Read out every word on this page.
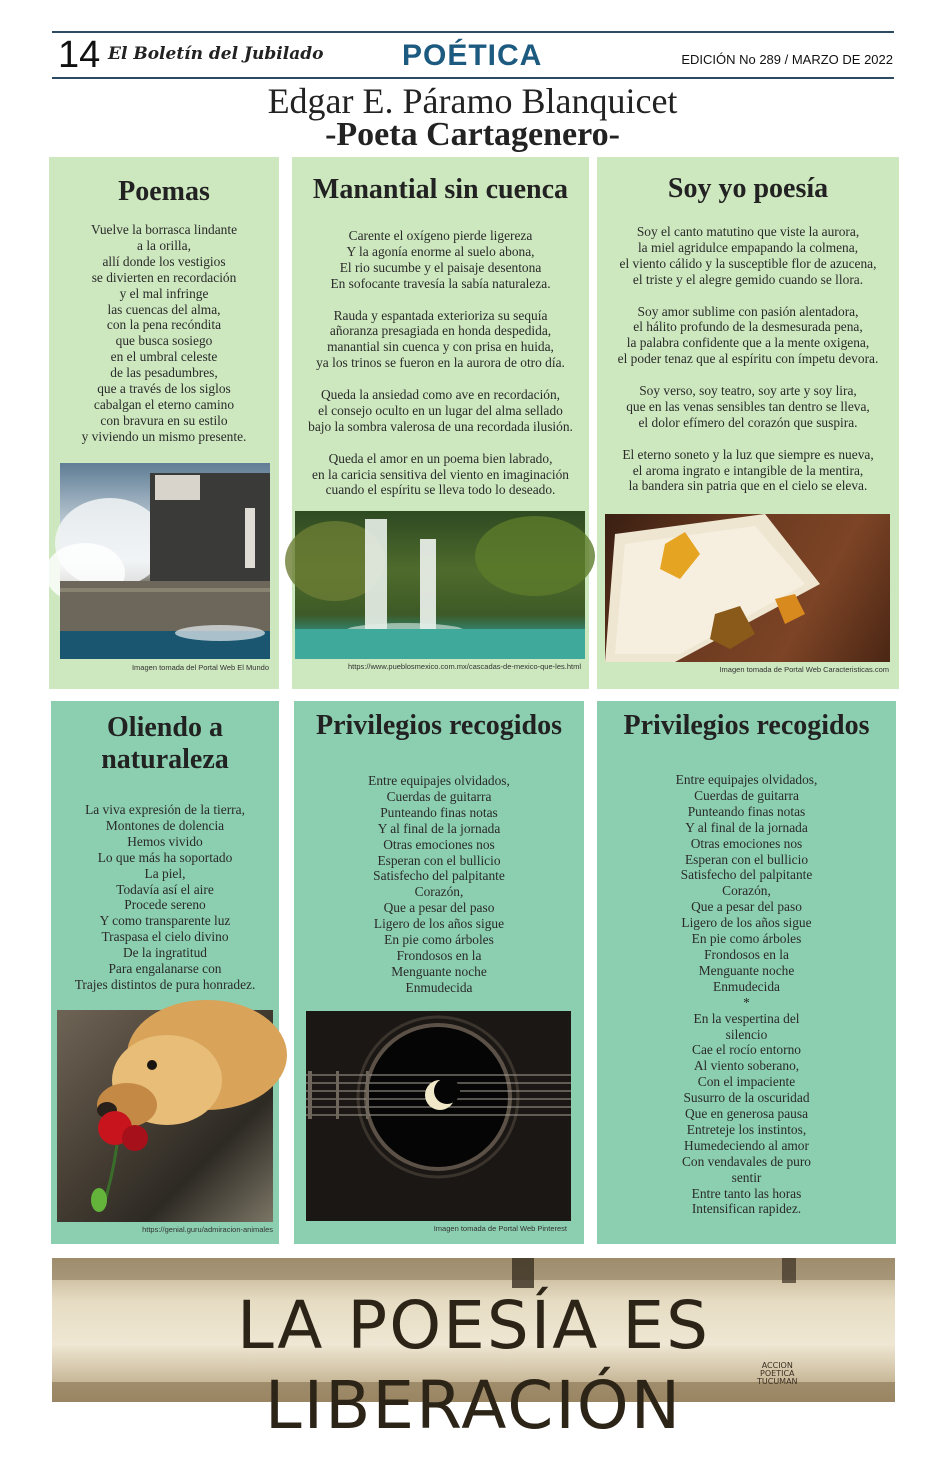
14 El Boletín del Jubilado	POÉTICA	EDICIÓN No 289 / MARZO DE 2022
Edgar E. Páramo Blanquicet
-Poeta Cartagenero-
Poemas
Vuelve la borrasca lindante
a la orilla,
allí donde los vestigios
se divierten en recordación
y el mal infringe
las cuencas del alma,
con la pena recóndita
que busca sosiego
en el umbral celeste
de las pesadumbres,
que a través de los siglos
cabalgan el eterno camino
con bravura en su estilo
y viviendo un mismo presente.
Imagen tomada del Portal Web El Mundo
Manantial sin cuenca
Carente el oxígeno pierde ligereza
Y la agonía enorme al suelo abona,
El rio sucumbe y el paisaje desentona
En sofocante travesía la sabía naturaleza.
Rauda y espantada exterioriza su sequía
añoranza presagiada en honda despedida,
manantial sin cuenca y con prisa en huida,
ya los trinos se fueron en la aurora de otro día.
Queda la ansiedad como ave en recordación,
el consejo oculto en un lugar del alma sellado
bajo la sombra valerosa de una recordada ilusión.
Queda el amor en un poema bien labrado,
en la caricia sensitiva del viento en imaginación
cuando el espíritu se lleva todo lo deseado.
https://www.pueblosmexico.com.mx/cascadas-de-mexico-que-les.html
Soy yo poesía
Soy el canto matutino que viste la aurora,
la miel agridulce empapando la colmena,
el viento cálido y la susceptible flor de azucena,
el triste y el alegre gemido cuando se llora.
Soy amor sublime con pasión alentadora,
el hálito profundo de la desmesurada pena,
la palabra confidente que a la mente oxigena,
el poder tenaz que al espíritu con ímpetu devora.
Soy verso, soy teatro, soy arte y soy lira,
que en las venas sensibles tan dentro se lleva,
el dolor efímero del corazón que suspira.
El eterno soneto y la luz que siempre es nueva,
el aroma ingrato e intangible de la mentira,
la bandera sin patria que en el cielo se eleva.
Imagen tomada de Portal Web Caracteristicas.com
Oliendo a
naturaleza
La viva expresión de la tierra,
Montones de dolencia
Hemos vivido
Lo que más ha soportado
La piel,
Todavía así el aire
Procede sereno
Y como transparente luz
Traspasa el cielo divino
De la ingratitud
Para engalanarse con
Trajes distintos de pura honradez.
https://genial.guru/admiracion-animales
Privilegios recogidos
Entre equipajes olvidados,
Cuerdas de guitarra
Punteando finas notas
Y al final de la jornada
Otras emociones nos
Esperan con el bullicio
Satisfecho del palpitante
Corazón,
Que a pesar del paso
Ligero de los años sigue
En pie como árboles
Frondosos en la
Menguante noche
Enmudecida
Imagen tomada de Portal Web Pinterest
Privilegios recogidos
Entre equipajes olvidados,
Cuerdas de guitarra
Punteando finas notas
Y al final de la jornada
Otras emociones nos
Esperan con el bullicio
Satisfecho del palpitante
Corazón,
Que a pesar del paso
Ligero de los años sigue
En pie como árboles
Frondosos en la
Menguante noche
Enmudecida
*
En la vespertina del
silencio
Cae el rocío entorno
Al viento soberano,
Con el impaciente
Susurro de la oscuridad
Que en generosa pausa
Entreteje los instintos,
Humedeciendo al amor
Con vendavales de puro
sentir
Entre tanto las horas
Intensifican rapidez.
LA POESÍA ES LIBERACIÓN
ACCION
POETICA
TUCUMAN
